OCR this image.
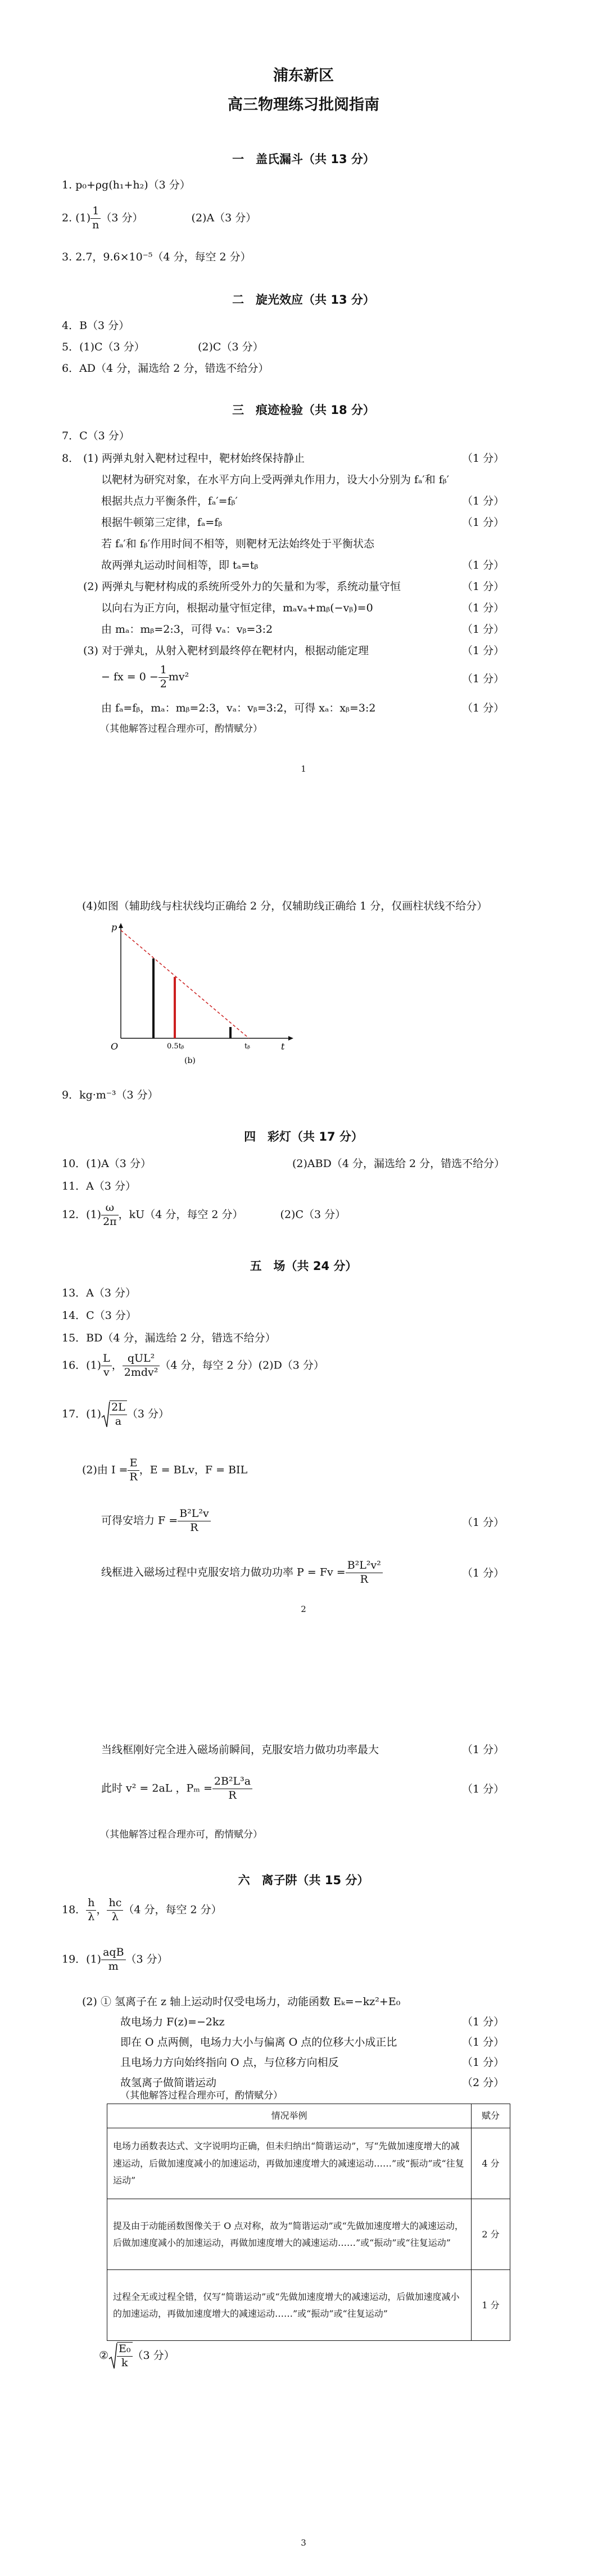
浦东新区
高三物理练习批阅指南
一　盖氏漏斗（共 13 分）
1. p₀+ρg(h₁+h₂)（3 分）
2. $(1) \frac{1}{n} (3$ 分）	(2)A（3 分）
3. 2.7，9.6×10⁻⁵（4 分，每空 2 分）
二　旋光效应（共 13 分）
4．B（3 分）
5．(1)C（3 分）	(2)C（3 分）
6．AD（4 分，漏选给 2 分，错选不给分）
三　痕迹检验（共 18 分）
7．C（3 分）
8． (1) 两弹丸射入靶材过程中，靶材始终保持静止	（1 分）
以靶材为研究对象，在水平方向上受两弹丸作用力，设大小分别为 fₐ′和 fᵦ′
根据共点力平衡条件，fₐ′=fᵦ′	（1 分）
根据牛顿第三定律，fₐ=fᵦ	（1 分）
若 fₐ′和 fᵦ′作用时间不相等，则靶材无法始终处于平衡状态
故两弹丸运动时间相等，即 tₐ=tᵦ	（1 分）
(2) 两弹丸与靶材构成的系统所受外力的矢量和为零，系统动量守恒	（1 分）
以向右为正方向，根据动量守恒定律，mₐvₐ+mᵦ(−vᵦ)=0	（1 分）
由 mₐ：mᵦ=2:3，可得 vₐ：vᵦ=3:2	（1 分）
(3) 对于弹丸，从射入靶材到最终停在靶材内，根据动能定理	（1 分）
− fx = $0 - \frac{1}{2} mv^2$	（1 分）
由 fₐ=fᵦ，mₐ：mᵦ=2:3，vₐ：vᵦ=3:2，可得 xₐ：xᵦ=3:2	（1 分）
（其他解答过程合理亦可，酌情赋分）
1
(4)如图（辅助线与柱状线均正确给 2 分，仅辅助线正确给 1 分，仅画柱状线不给分）
p
O	t
0.5tᵦ	tᵦ
(b)
9．kg·m⁻³（3 分）
四　彩灯（共 17 分）
10．(1)A（3 分）	(2)ABD（4 分，漏选给 2 分，错选不给分）
11．A（3 分）
12．$(1) \frac{\omega}{2\pi}$ ，kU（4 分，每空 2 分）	(2)C（3 分）
五　场（共 24 分）
13．A（3 分）
14．C（3 分）
15．BD（4 分，漏选给 2 分，错选不给分）
16．$(1) \frac{L}{v}$ ， $\frac{\text{qUL²}}{\text{2mdv²}} (4$ 分，每空 2 分）(2)D（3 分）
17．$(1) \frac{2L}{a} (3$ 分）
(2)由 $I = \frac{E}{R}$ ，E = BLv，F = BIL
可得安培力 $F = \frac{\text{B²L²v}}{R}$	（1 分）
线框进入磁场过程中克服安培力做功功率 $P = Fv = \frac{\text{B²L²v²}}{R}$	（1 分）
2
当线框刚好完全进入磁场前瞬间，克服安培力做功功率最大	（1 分）
此时 v² = 2aL ，$P_m = \frac{\text{2B²L³a}}{R}$	（1 分）
（其他解答过程合理亦可，酌情赋分）
六　离子阱（共 15 分）
18． $\frac{h}{\lambda}$ ， $\frac{hc}{\lambda} (4$ 分，每空 2 分）
19．$(1) \frac{\text{aqB}}{m} (3$ 分）
(2) ① 氢离子在 z 轴上运动时仅受电场力，动能函数 Eₖ=−kz²+E₀
故电场力 F(z)=−2kz	（1 分）
即在 O 点两侧，电场力大小与偏离 O 点的位移大小成正比	（1 分）
且电场力方向始终指向 O 点，与位移方向相反	（1 分）
故氢离子做简谐运动	（2 分）
（其他解答过程合理亦可，酌情赋分）
情况举例	赋分
电场力函数表达式、文字说明均正确，但未归纳出“简谐运动”，写“先做加速度增大的减速运动，后做加速度减小的加速运动，再做加速度增大的减速运动……”或“振动”或“往复运动”	4 分
提及由于动能函数图像关于 O 点对称，故为“简谐运动”或“先做加速度增大的减速运动，后做加速度减小的加速运动，再做加速度增大的减速运动……”或“振动”或“往复运动”	2 分
过程全无或过程全错，仅写“简谐运动”或“先做加速度增大的减速运动，后做加速度减小的加速运动，再做加速度增大的减速运动……”或“振动”或“往复运动”	1 分
② $\frac{\text{E₀}}{k} (3$ 分）
3
